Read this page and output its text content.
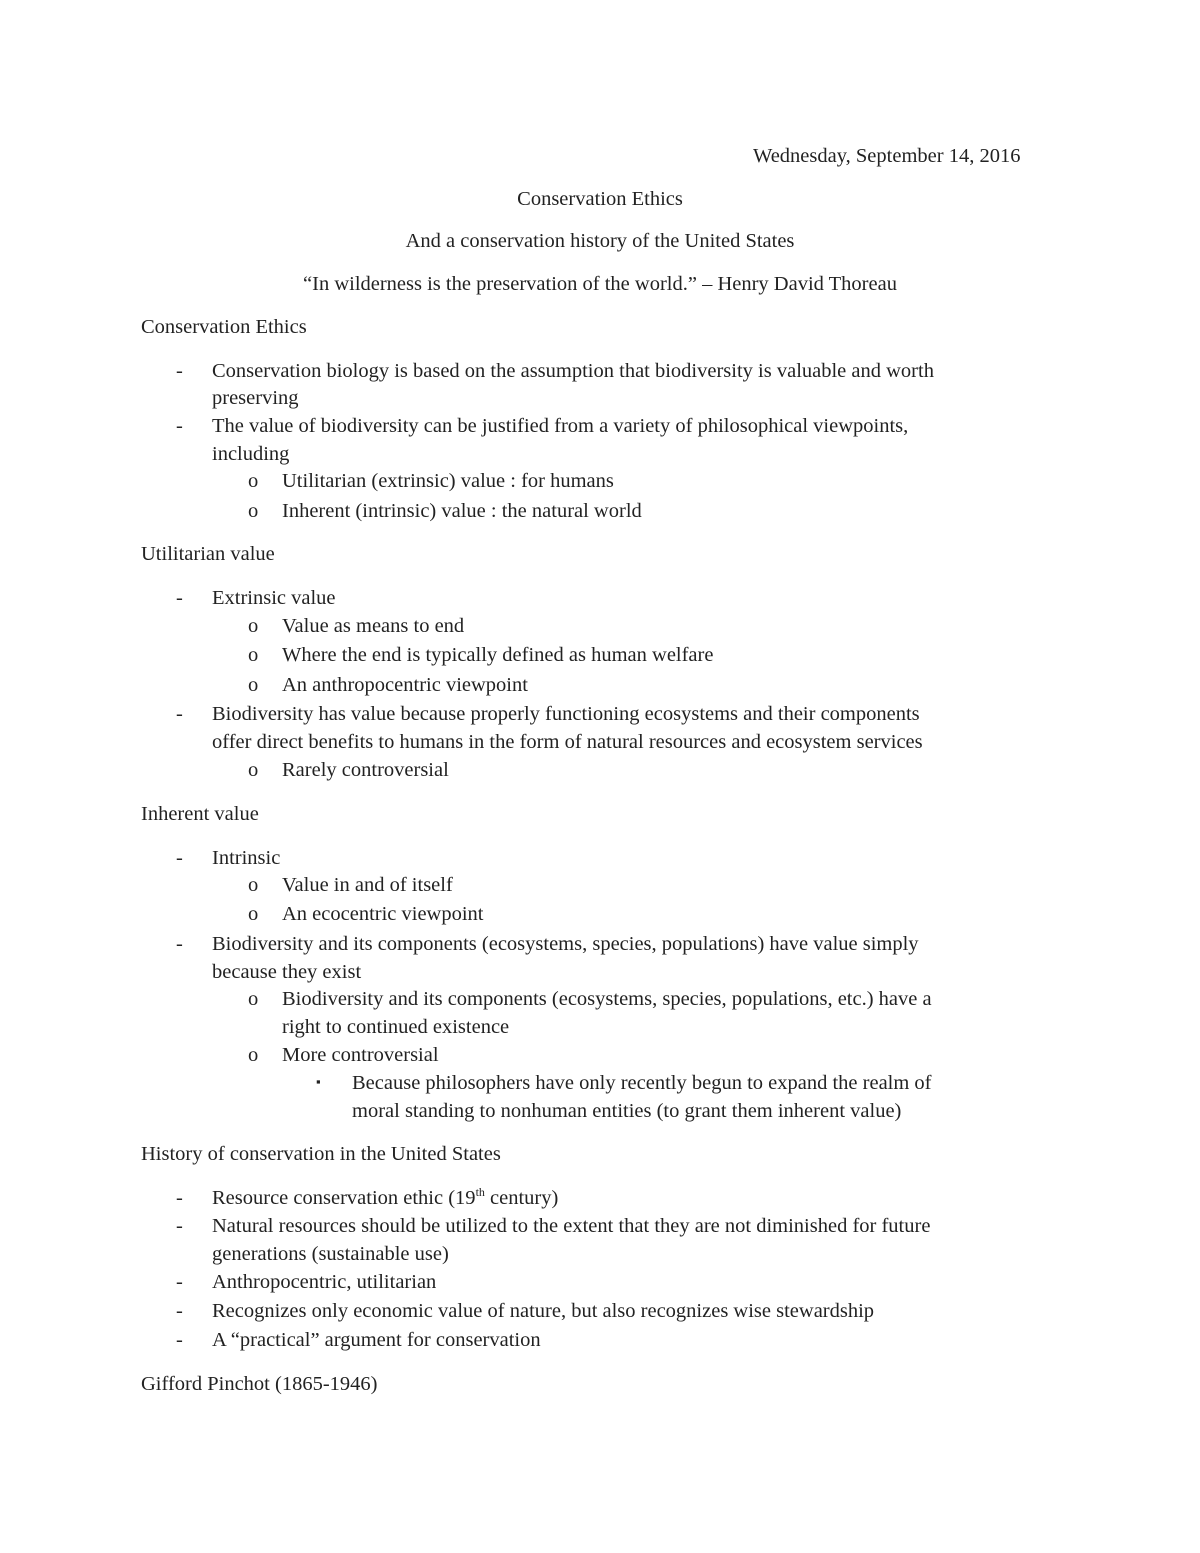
Wednesday, September 14, 2016
Conservation Ethics
And a conservation history of the United States
“In wilderness is the preservation of the world.” – Henry David Thoreau
Conservation Ethics
- Conservation biology is based on the assumption that biodiversity is valuable and worth
preserving
- The value of biodiversity can be justified from a variety of philosophical viewpoints,
including
o Utilitarian (extrinsic) value : for humans
o Inherent (intrinsic) value : the natural world
Utilitarian value
- Extrinsic value
o Value as means to end
o Where the end is typically defined as human welfare
o An anthropocentric viewpoint
- Biodiversity has value because properly functioning ecosystems and their components
offer direct benefits to humans in the form of natural resources and ecosystem services
o Rarely controversial
Inherent value
- Intrinsic
o Value in and of itself
o An ecocentric viewpoint
- Biodiversity and its components (ecosystems, species, populations) have value simply
because they exist
o Biodiversity and its components (ecosystems, species, populations, etc.) have a
right to continued existence
o More controversial
▪ Because philosophers have only recently begun to expand the realm of
moral standing to nonhuman entities (to grant them inherent value)
History of conservation in the United States
- Resource conservation ethic (19th century)
- Natural resources should be utilized to the extent that they are not diminished for future
generations (sustainable use)
- Anthropocentric, utilitarian
- Recognizes only economic value of nature, but also recognizes wise stewardship
- A “practical” argument for conservation
Gifford Pinchot (1865-1946)
